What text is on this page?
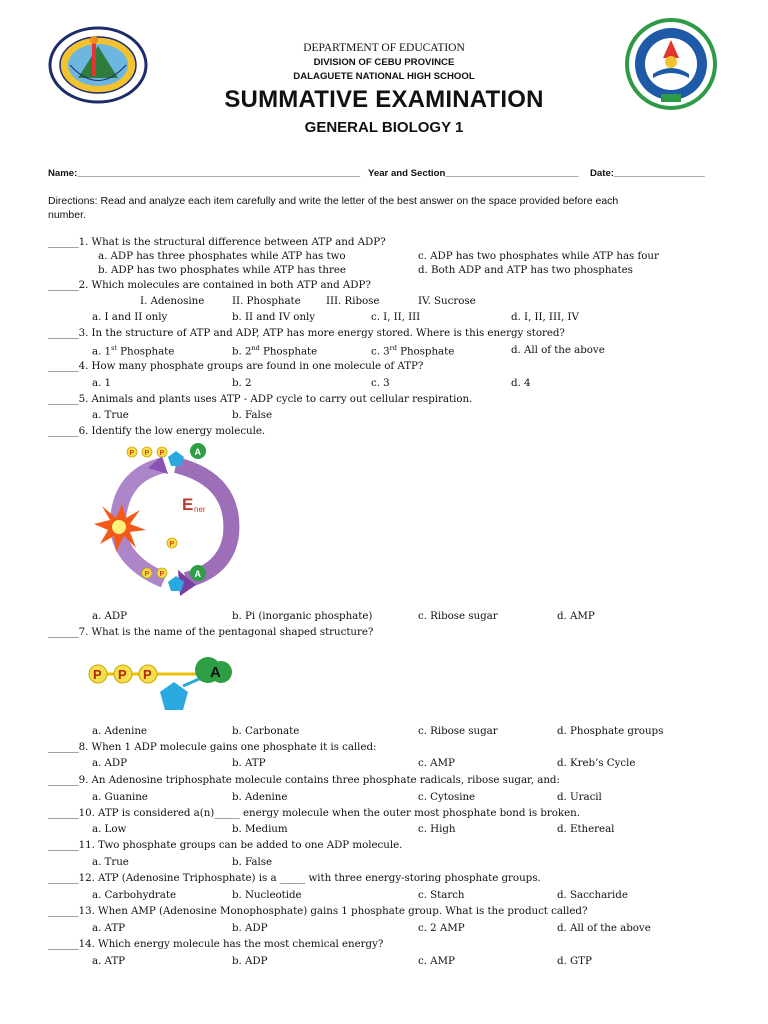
DEPARTMENT OF EDUCATION
DIVISION OF CEBU PROVINCE
DALAGUETE NATIONAL HIGH SCHOOL
SUMMATIVE EXAMINATION
GENERAL BIOLOGY 1
Name:_____________________________________________________ Year and Section_________________________ Date:_________________
Directions: Read and analyze each item carefully and write the letter of the best answer on the space provided before each
number.
______1. What is the structural difference between ATP and ADP?
a. ADP has three phosphates while ATP has two	c. ADP has two phosphates while ATP has four
b. ADP has two phosphates while ATP has three	d. Both ADP and ATP has two phosphates
______2. Which molecules are contained in both ATP and ADP?
I. Adenosine	II. Phosphate III. Ribose	IV. Sucrose
a. I and II only	b. II and IV only	c. I, II, III	d. I, II, III, IV
______3. In the structure of ATP and ADP, ATP has more energy stored. Where is this energy stored?
a. 1st Phosphate	b. 2nd Phosphate	c. 3rd Phosphate	d. All of the above
______4. How many phosphate groups are found in one molecule of ATP?
a. 1	b. 2	c. 3	d. 4
______5. Animals and plants uses ATP - ADP cycle to carry out cellular respiration.
a. True	b. False
______6. Identify the low energy molecule.
E ner
P P P	A
P
P P	A
a. ADP	b. Pi (inorganic phosphate)	c. Ribose sugar	d. AMP
______7. What is the name of the pentagonal shaped structure?
P P P	A
a. Adenine	b. Carbonate	c. Ribose sugar	d. Phosphate groups
______8. When 1 ADP molecule gains one phosphate it is called:
a. ADP	b. ATP	c. AMP	d. Kreb’s Cycle
______9. An Adenosine triphosphate molecule contains three phosphate radicals, ribose sugar, and:
a. Guanine	b. Adenine	c. Cytosine	d. Uracil
______10. ATP is considered a(n)_____ energy molecule when the outer most phosphate bond is broken.
a. Low	b. Medium	c. High	d. Ethereal
______11. Two phosphate groups can be added to one ADP molecule.
a. True	b. False
______12. ATP (Adenosine Triphosphate) is a _____ with three energy-storing phosphate groups.
a. Carbohydrate	b. Nucleotide	c. Starch	d. Saccharide
______13. When AMP (Adenosine Monophosphate) gains 1 phosphate group. What is the product called?
a. ATP	b. ADP	c. 2 AMP	d. All of the above
______14. Which energy molecule has the most chemical energy?
a. ATP	b. ADP	c. AMP	d. GTP
